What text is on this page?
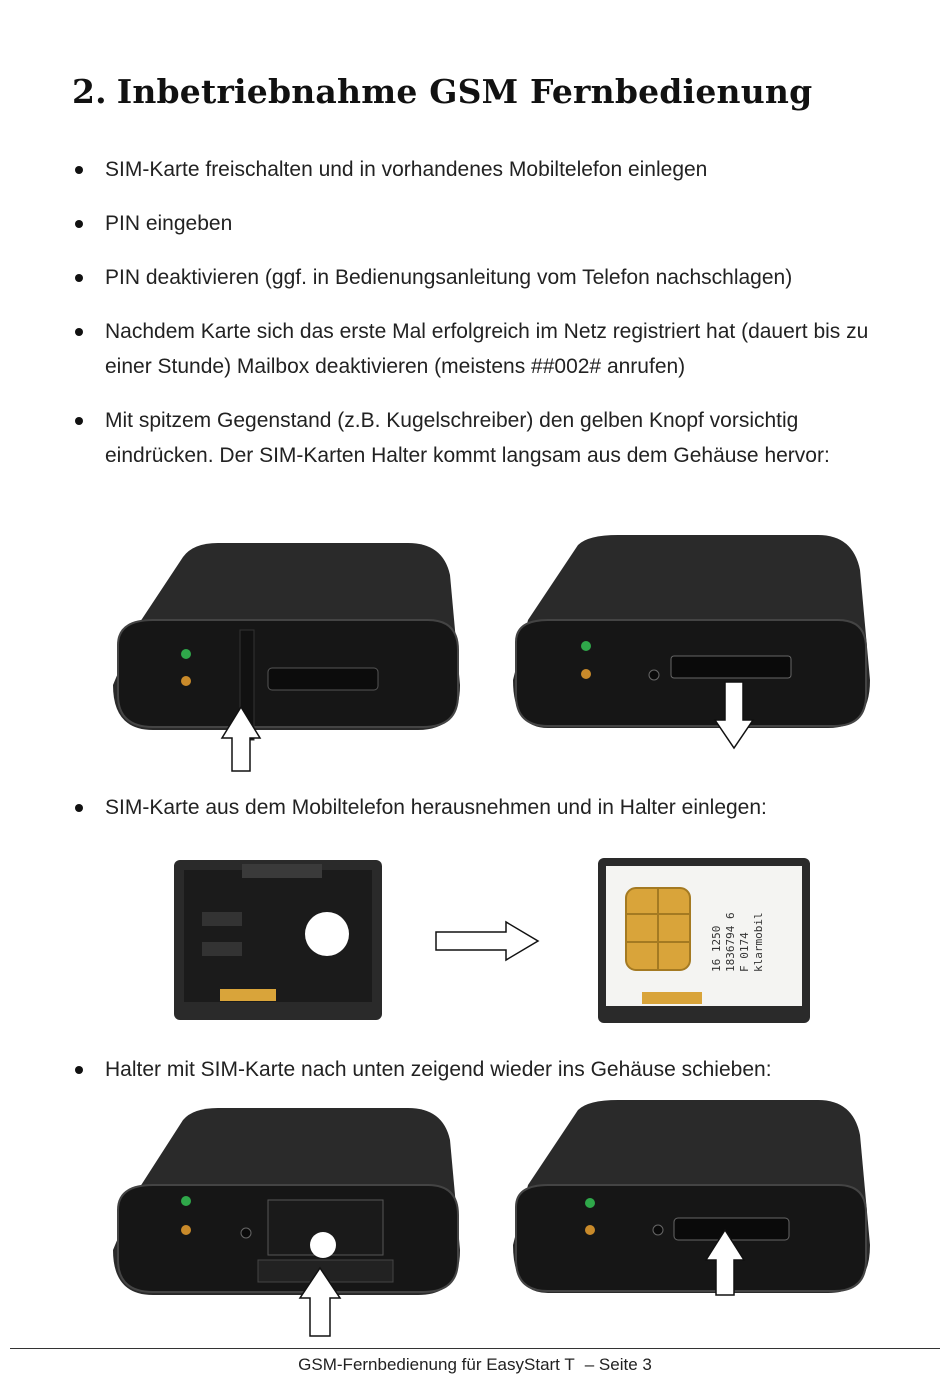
2. Inbetriebnahme GSM Fernbedienung
SIM-Karte freischalten und in vorhandenes Mobiltelefon einlegen
PIN eingeben
PIN deaktivieren (ggf. in Bedienungsanleitung vom Telefon nachschlagen)
Nachdem Karte sich das erste Mal erfolgreich im Netz registriert hat (dauert bis zu einer Stunde) Mailbox deaktivieren (meistens ##002# anrufen)
Mit spitzem Gegenstand (z.B. Kugelschreiber) den gelben Knopf vorsichtig eindrücken. Der SIM-Karten Halter kommt langsam aus dem Gehäuse hervor:
SIM-Karte aus dem Mobiltelefon herausnehmen und in Halter einlegen:
16 1250 1836794 6 F 0174 klarmobil
Halter mit SIM-Karte nach unten zeigend wieder ins Gehäuse schieben:
GSM-Fernbedienung für EasyStart T – Seite 3
